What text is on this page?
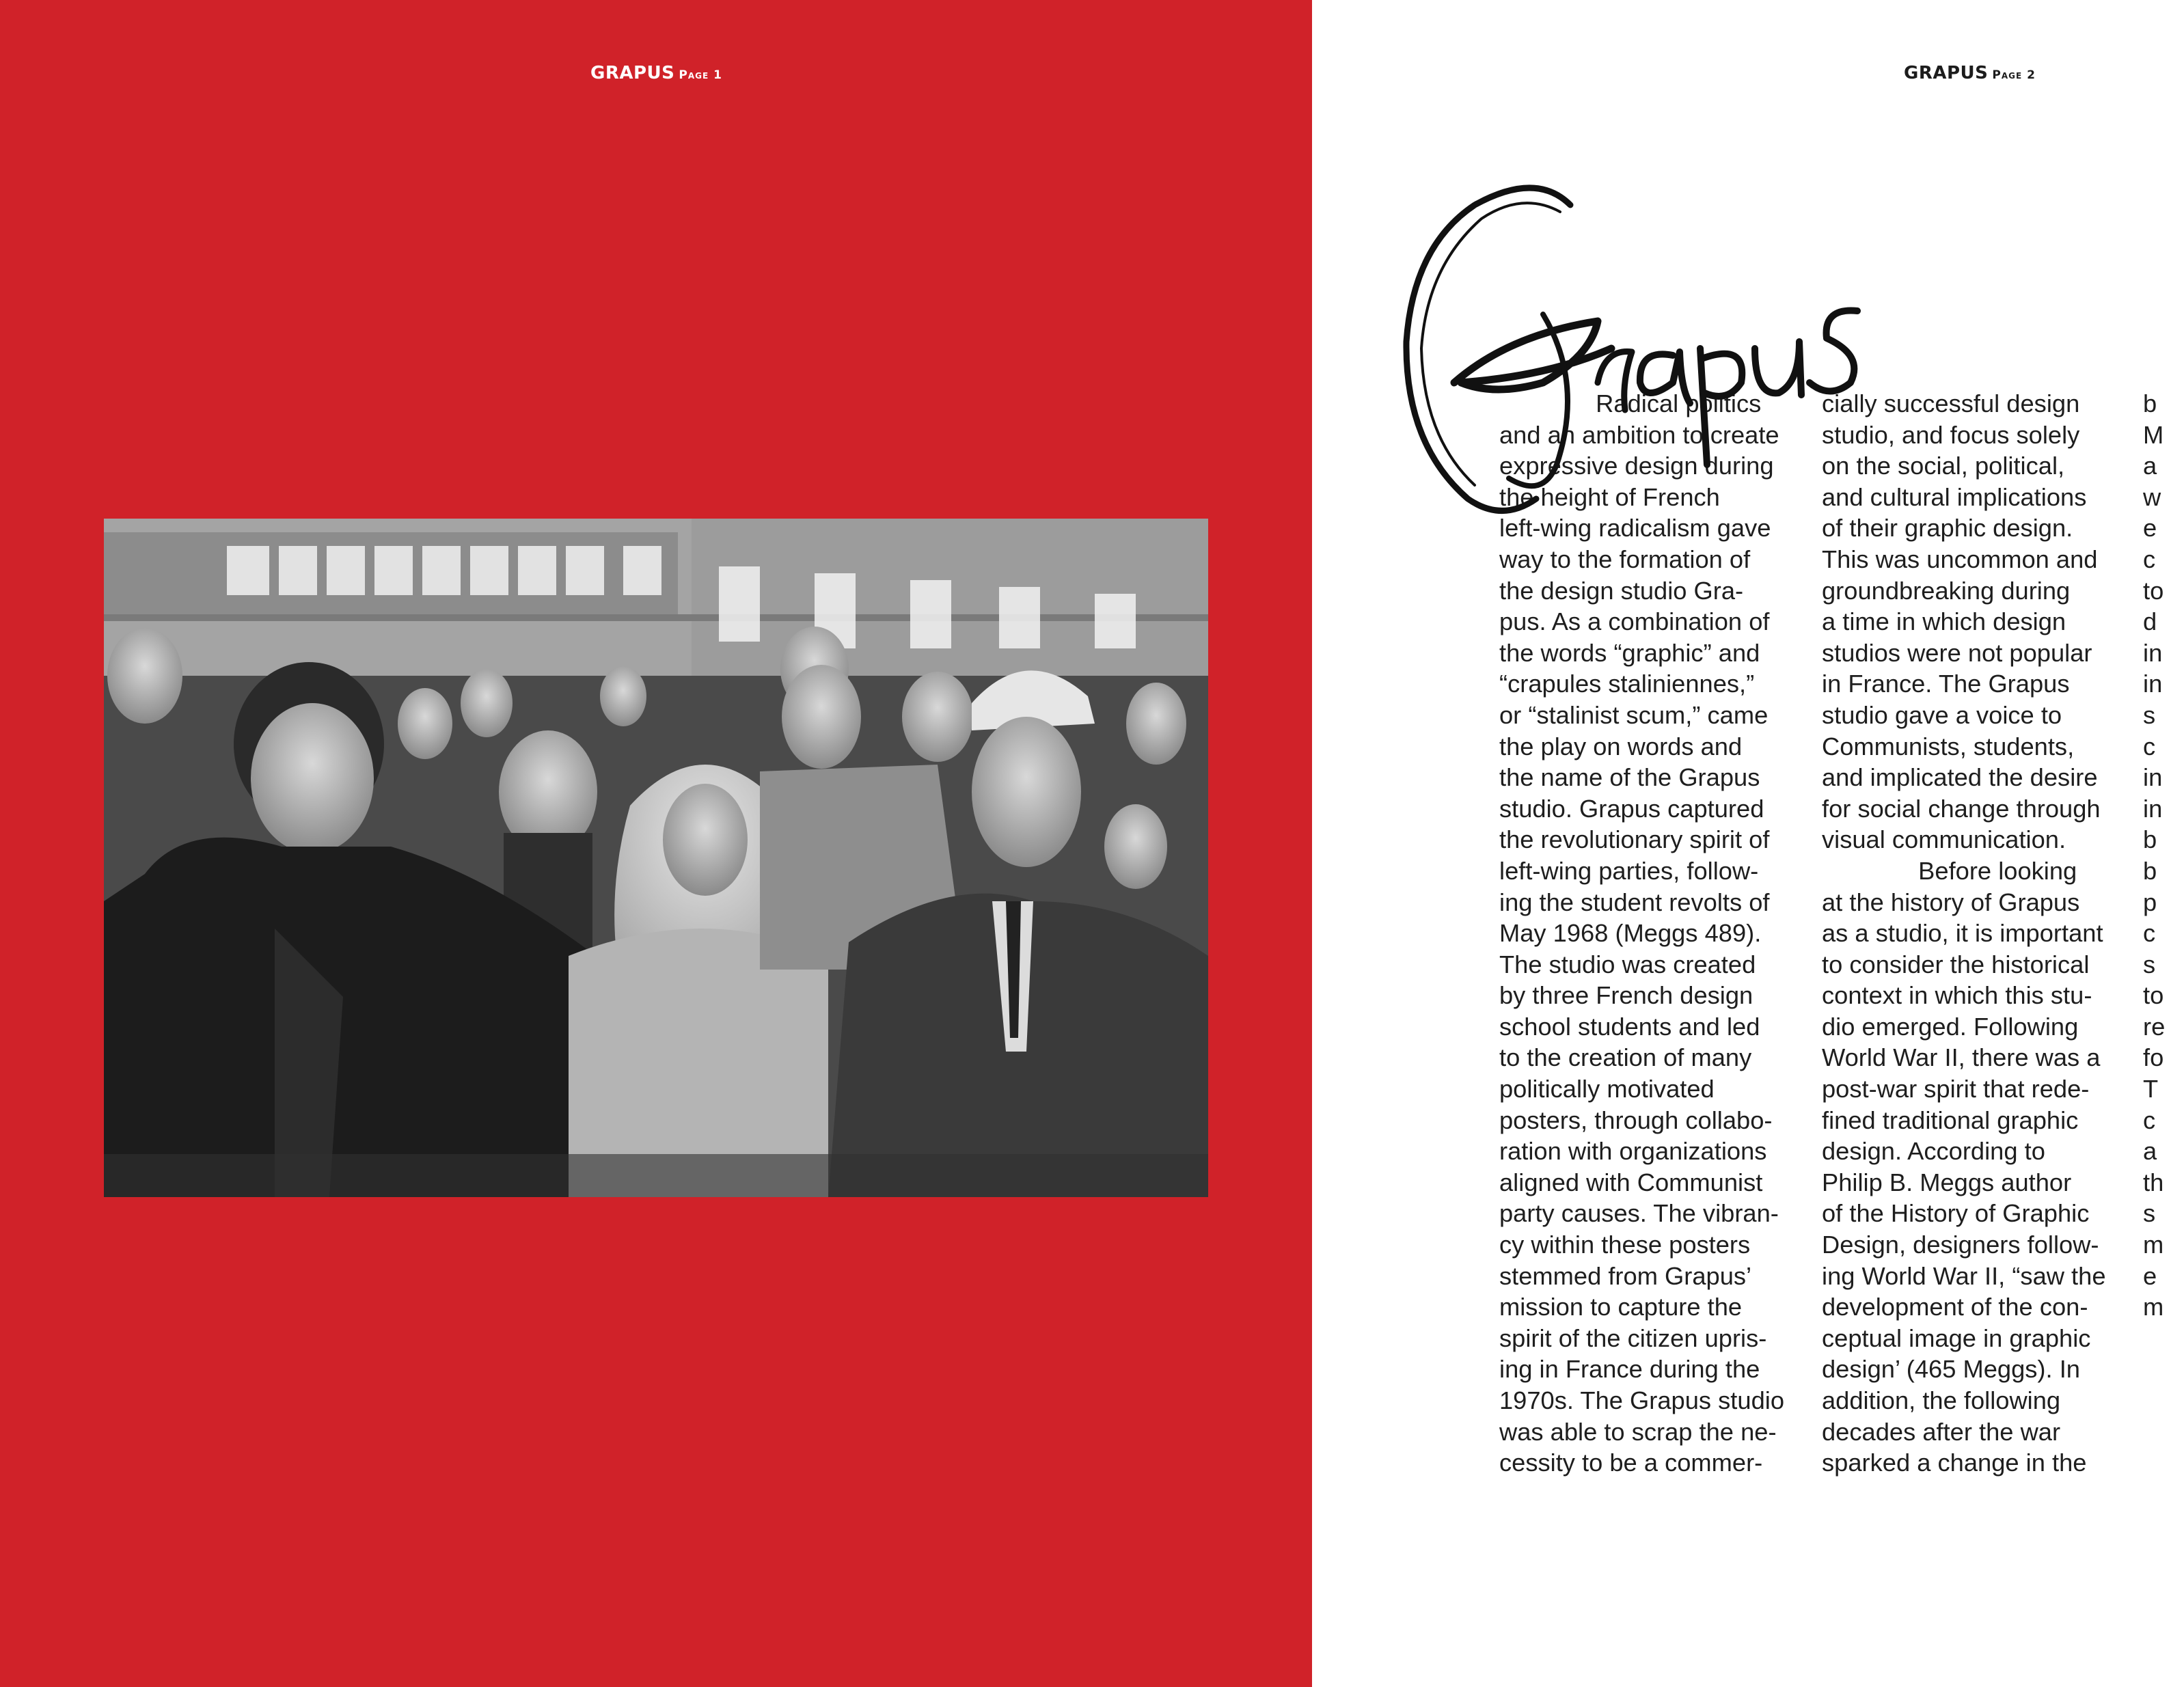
GRAPUS Page 1	GRAPUS Page 2

Radical politics

and an ambition to create

expressive design during

the height of French

left-wing radicalism gave

way to the formation of

the design studio Gra-

pus. As a combination of

the words “graphic” and

“crapules staliniennes,”

or “stalinist scum,” came

the play on words and

the name of the Grapus

studio. Grapus captured

the revolutionary spirit of

left-wing parties, follow-

ing the student revolts of

May 1968 (Meggs 489).

The studio was created

by three French design

school students and led

to the creation of many

politically motivated

posters, through collabo-

ration with organizations

aligned with Communist

party causes. The vibran-

cy within these posters

stemmed from Grapus’

mission to capture the

spirit of the citizen upris-

ing in France during the

1970s. The Grapus studio

was able to scrap the ne-

cessity to be a commer-

cially successful design

studio, and focus solely

on the social, political,

and cultural implications

of their graphic design.

This was uncommon and

groundbreaking during

a time in which design

studios were not popular

in France. The Grapus

studio gave a voice to

Communists, students,

and implicated the desire

for social change through

visual communication.

Before looking

at the history of Grapus

as a studio, it is important

to consider the historical

context in which this stu-

dio emerged. Following

World War II, there was a

post-war spirit that rede-

fined traditional graphic

design. According to

Philip B. Meggs author

of the History of Graphic

Design, designers follow-

ing World War II, “saw the

development of the con-

ceptual image in graphic

design’ (465 Meggs). In

addition, the following

decades after the war

sparked a change in the

b

M

a

w

e

c

to

d

in

in

s

c

in

in

b

b

p

c

s

to

re

fo

T

c

a

th

s

m

e

m
